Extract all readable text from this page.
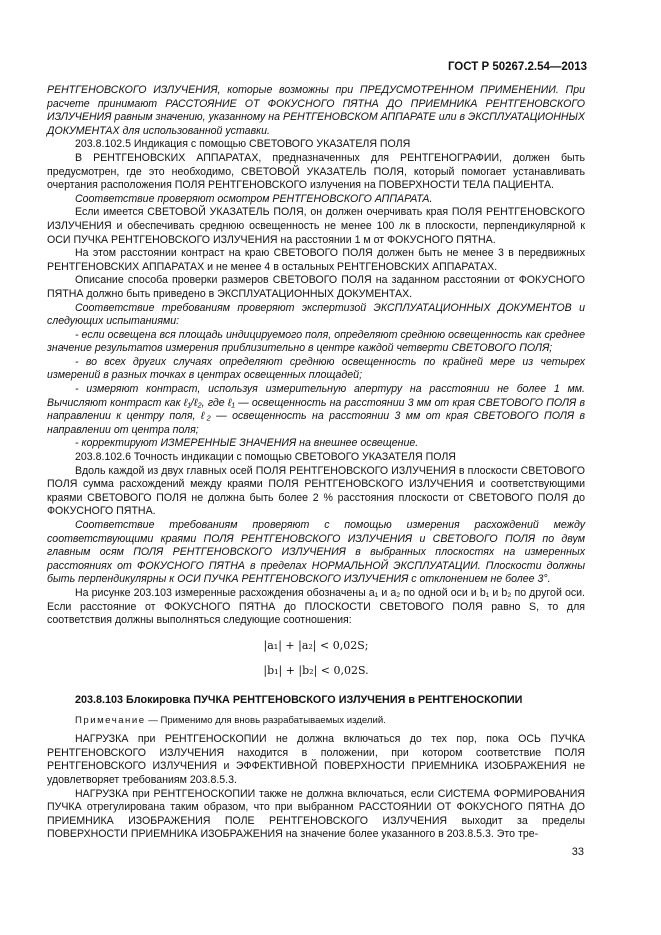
ГОСТ Р 50267.2.54—2013

РЕНТГЕНОВСКОГО ИЗЛУЧЕНИЯ, которые возможны при ПРЕДУСМОТРЕННОМ ПРИМЕНЕНИИ. При расчете принимают РАССТОЯНИЕ ОТ ФОКУСНОГО ПЯТНА ДО ПРИЕМНИКА РЕНТГЕНОВСКОГО ИЗЛУЧЕНИЯ равным значению, указанному на РЕНТГЕНОВСКОМ АППАРАТЕ или в ЭКСПЛУАТАЦИОННЫХ ДОКУМЕНТАХ для использованной уставки.

203.8.102.5 Индикация с помощью СВЕТОВОГО УКАЗАТЕЛЯ ПОЛЯ

В РЕНТГЕНОВСКИХ АППАРАТАХ, предназначенных для РЕНТГЕНОГРАФИИ, должен быть предусмотрен, где это необходимо, СВЕТОВОЙ УКАЗАТЕЛЬ ПОЛЯ, который помогает устанавливать очертания расположения ПОЛЯ РЕНТГЕНОВСКОГО излучения на ПОВЕРХНОСТИ ТЕЛА ПАЦИЕНТА.

Соответствие проверяют осмотром РЕНТГЕНОВСКОГО АППАРАТА.

Если имеется СВЕТОВОЙ УКАЗАТЕЛЬ ПОЛЯ, он должен очерчивать края ПОЛЯ РЕНТГЕНОВСКОГО ИЗЛУЧЕНИЯ и обеспечивать среднюю освещенность не менее 100 лк в плоскости, перпендикулярной к ОСИ ПУЧКА РЕНТГЕНОВСКОГО ИЗЛУЧЕНИЯ на расстоянии 1 м от ФОКУСНОГО ПЯТНА.

На этом расстоянии контраст на краю СВЕТОВОГО ПОЛЯ должен быть не менее 3 в передвижных РЕНТГЕНОВСКИХ АППАРАТАХ и не менее 4 в остальных РЕНТГЕНОВСКИХ АППАРАТАХ.

Описание способа проверки размеров СВЕТОВОГО ПОЛЯ на заданном расстоянии от ФОКУСНОГО ПЯТНА должно быть приведено в ЭКСПЛУАТАЦИОННЫХ ДОКУМЕНТАХ.

Соответствие требованиям проверяют экспертизой ЭКСПЛУАТАЦИОННЫХ ДОКУМЕНТОВ и следующих испытаниями:

- если освещена вся площадь индицируемого поля, определяют среднюю освещенность как среднее значение результатов измерения приблизительно в центре каждой четверти СВЕТОВОГО ПОЛЯ;

- во всех других случаях определяют среднюю освещенность по крайней мере из четырех измерений в разных точках в центрах освещенных площадей;

- измеряют контраст, используя измерительную апертуру на расстоянии не более 1 мм. Вычисляют контраст как ℓ₁/ℓ₂, где ℓ₁ — освещенность на расстоянии 3 мм от края СВЕТОВОГО ПОЛЯ в направлении к центру поля, ℓ₂ — освещенность на расстоянии 3 мм от края СВЕТОВОГО ПОЛЯ в направлении от центра поля;

- корректируют ИЗМЕРЕННЫЕ ЗНАЧЕНИЯ на внешнее освещение.

203.8.102.6 Точность индикации с помощью СВЕТОВОГО УКАЗАТЕЛЯ ПОЛЯ

Вдоль каждой из двух главных осей ПОЛЯ РЕНТГЕНОВСКОГО ИЗЛУЧЕНИЯ в плоскости СВЕТОВОГО ПОЛЯ сумма расхождений между краями ПОЛЯ РЕНТГЕНОВСКОГО ИЗЛУЧЕНИЯ и соответствующими краями СВЕТОВОГО ПОЛЯ не должна быть более 2 % расстояния плоскости от СВЕТОВОГО ПОЛЯ до ФОКУСНОГО ПЯТНА.

Соответствие требованиям проверяют с помощью измерения расхождений между соответствующими краями ПОЛЯ РЕНТГЕНОВСКОГО ИЗЛУЧЕНИЯ и СВЕТОВОГО ПОЛЯ по двум главным осям ПОЛЯ РЕНТГЕНОВСКОГО ИЗЛУЧЕНИЯ в выбранных плоскостях на измеренных расстояниях от ФОКУСНОГО ПЯТНА в пределах НОРМАЛЬНОЙ ЭКСПЛУАТАЦИИ. Плоскости должны быть перпендикулярны к ОСИ ПУЧКА РЕНТГЕНОВСКОГО ИЗЛУЧЕНИЯ с отклонением не более 3°.

На рисунке 203.103 измеренные расхождения обозначены a₁ и a₂ по одной оси и b₁ и b₂ по другой оси. Если расстояние от ФОКУСНОГО ПЯТНА до ПЛОСКОСТИ СВЕТОВОГО ПОЛЯ равно S, то для соответствия должны выполняться следующие соотношения:

|a₁| + |a₂| < 0,02S;

|b₁| + |b₂| < 0,02S.

203.8.103 Блокировка ПУЧКА РЕНТГЕНОВСКОГО ИЗЛУЧЕНИЯ в РЕНТГЕНОСКОПИИ

Примечание — Применимо для вновь разрабатываемых изделий.

НАГРУЗКА при РЕНТГЕНОСКОПИИ не должна включаться до тех пор, пока ОСЬ ПУЧКА РЕНТГЕНОВСКОГО ИЗЛУЧЕНИЯ находится в положении, при котором соответствие ПОЛЯ РЕНТГЕНОВСКОГО ИЗЛУЧЕНИЯ и ЭФФЕКТИВНОЙ ПОВЕРХНОСТИ ПРИЕМНИКА ИЗОБРАЖЕНИЯ не удовлетворяет требованиям 203.8.5.3.

НАГРУЗКА при РЕНТГЕНОСКОПИИ также не должна включаться, если СИСТЕМА ФОРМИРОВАНИЯ ПУЧКА отрегулирована таким образом, что при выбранном РАССТОЯНИИ ОТ ФОКУСНОГО ПЯТНА ДО ПРИЕМНИКА ИЗОБРАЖЕНИЯ ПОЛЕ РЕНТГЕНОВСКОГО ИЗЛУЧЕНИЯ выходит за пределы ПОВЕРХНОСТИ ПРИЕМНИКА ИЗОБРАЖЕНИЯ на значение более указанного в 203.8.5.3. Это тре-

33
